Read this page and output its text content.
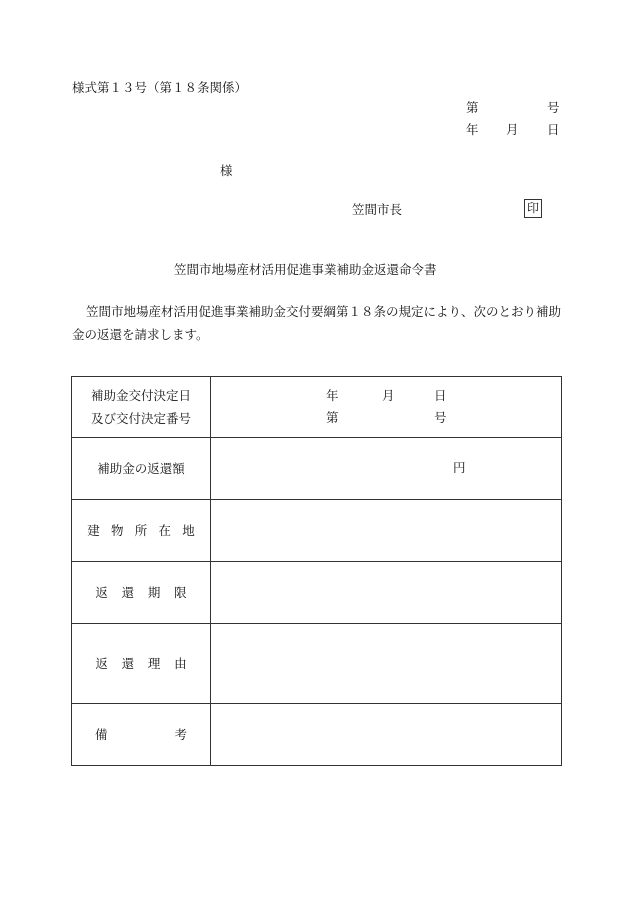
様式第１３号（第１８条関係）
第	号
年 月 日
様
笠間市長	印
笠間市地場産材活用促進事業補助金返還命令書

笠間市地場産材活用促進事業補助金交付要綱第１８条の規定により、次のとおり補助金の返還を請求します。

補助金交付決定日
及び交付決定番号	年 月 日
第 号

補助金の返還額	円

建物所在地	

返還期限	

返還理由	

備 考	
